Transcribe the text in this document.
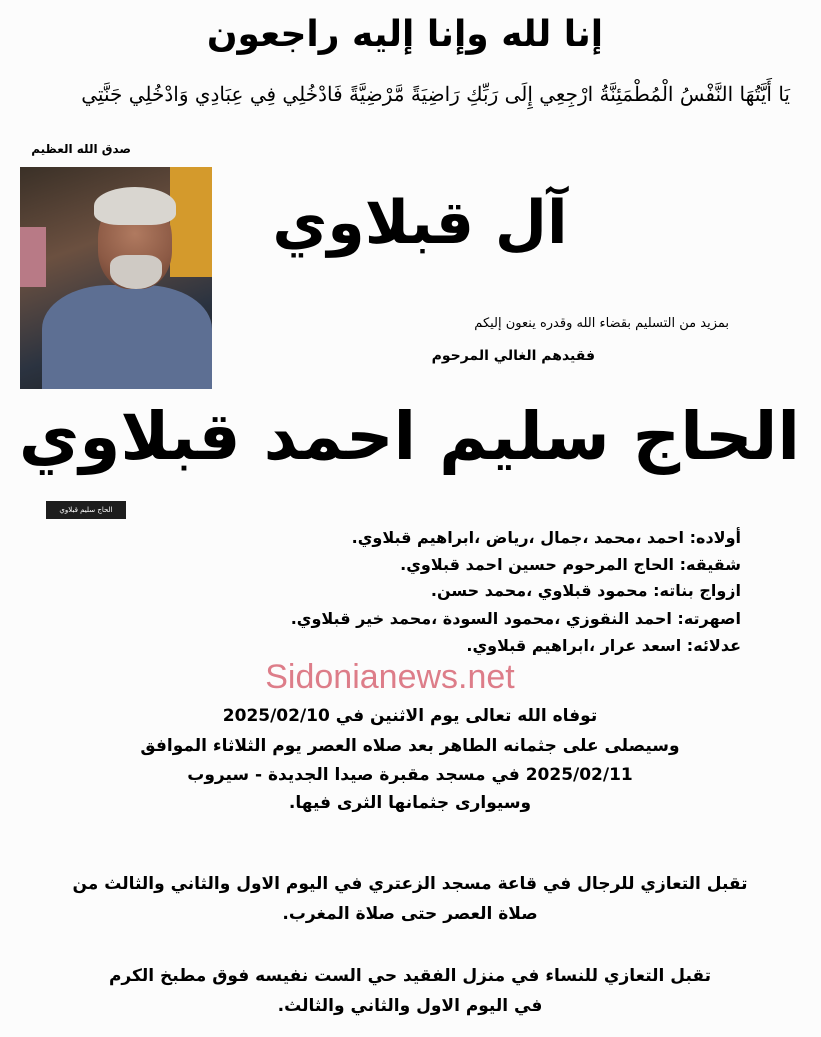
إنا لله وإنا إليه راجعون
يَا أَيَّتُهَا النَّفْسُ الْمُطْمَئِنَّةُ ارْجِعِي إِلَى رَبِّكِ رَاضِيَةً مَّرْضِيَّةً فَادْخُلِي فِي عِبَادِي وَادْخُلِي جَنَّتِي
صدق الله العظيم
الحاج سليم قبلاوي
آل قبلاوي
بمزيد من التسليم بقضاء الله وقدره ينعون إليكم
فقيدهم الغالي المرحوم
الحاج سليم احمد قبلاوي
أولاده: احمد ،محمد ،جمال ،رياض ،ابراهيم قبلاوي.
شقيقه: الحاج المرحوم حسين احمد قبلاوي.
ازواج بناته: محمود قبلاوي ،محمد حسن.
اصهرته: احمد النقوزي ،محمود السودة ،محمد خير قبلاوي.
عدلائه: اسعد عرار ،ابراهيم قبلاوي.
Sidonianews.net
توفاه الله تعالى يوم الاثنين في 2025/02/10
وسيصلى على جثمانه الطاهر بعد صلاه العصر يوم الثلاثاء الموافق
2025/02/11 في مسجد مقبرة صيدا الجديدة - سيروب
وسيوارى جثمانها الثرى فيها.
تقبل التعازي للرجال في قاعة مسجد الزعتري في اليوم الاول والثاني والثالث من
صلاة العصر حتى صلاة المغرب.
تقبل التعازي للنساء في منزل الفقيد حي الست نفيسه فوق مطبخ الكرم
في اليوم الاول والثاني والثالث.
